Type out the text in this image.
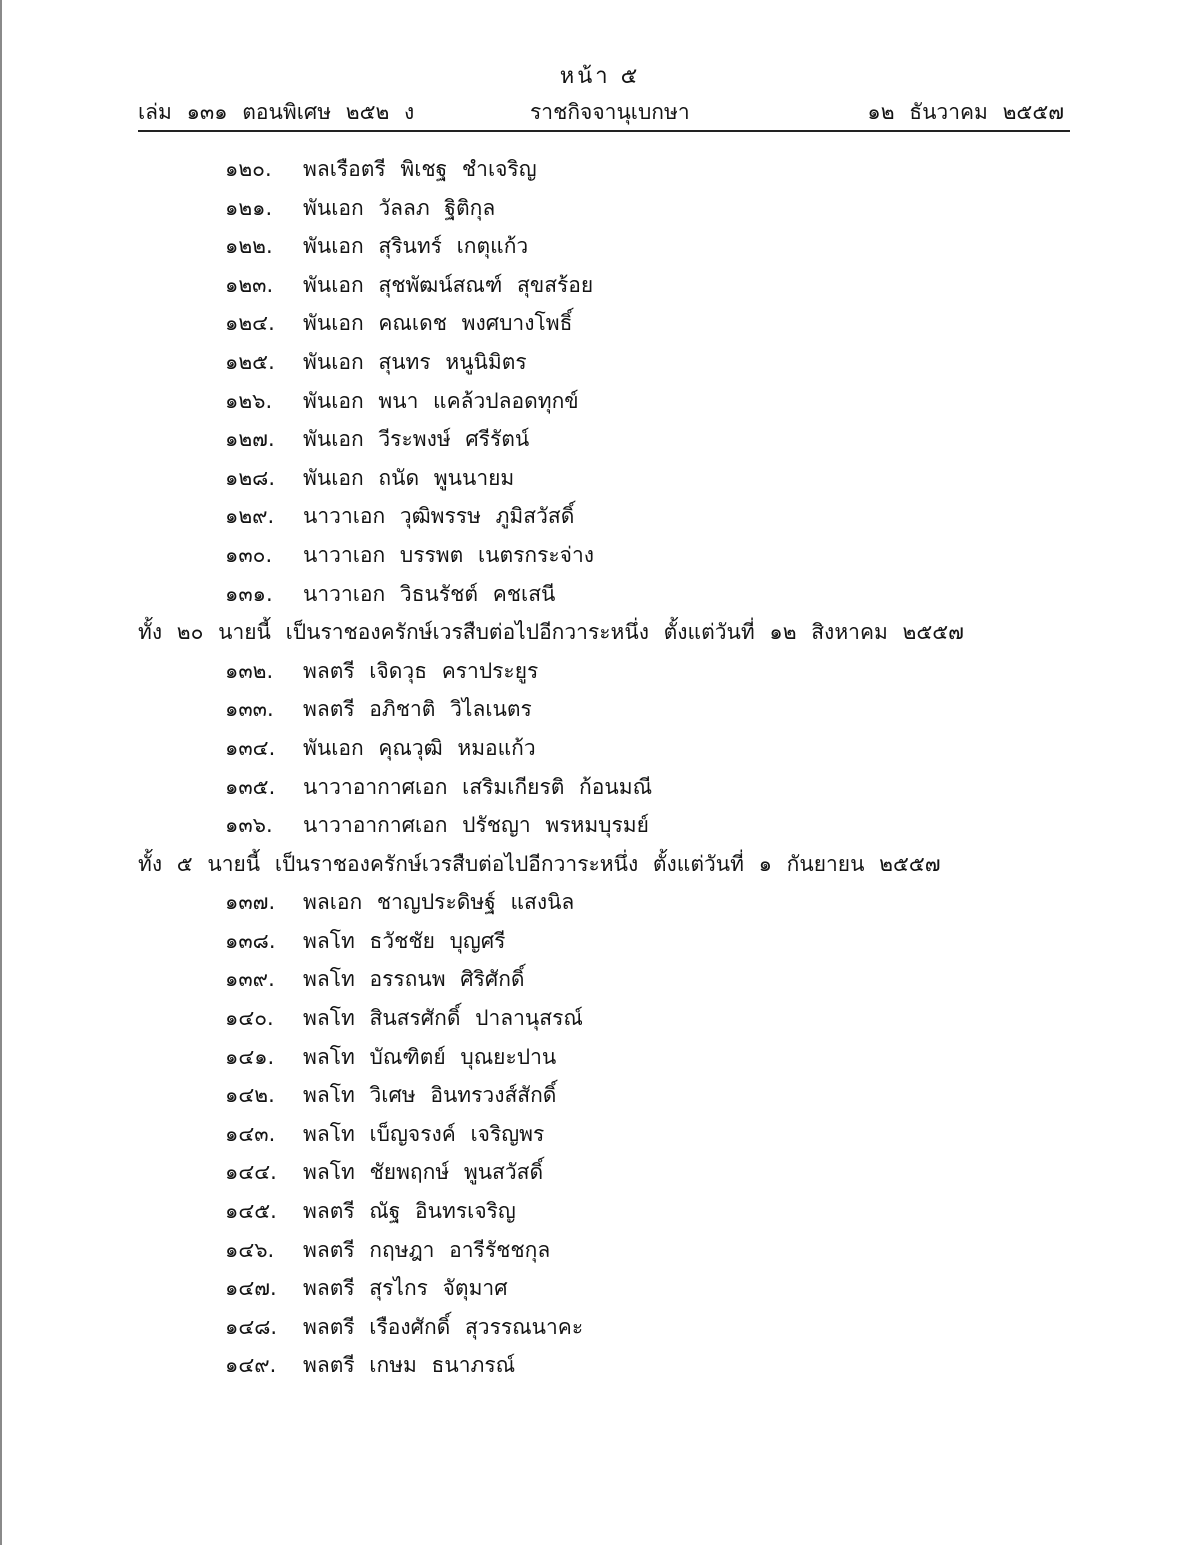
หน้า ๕
เล่ม ๑๓๑ ตอนพิเศษ ๒๕๒ ง	ราชกิจจานุเบกษา	๑๒ ธันวาคม ๒๕๕๗
๑๒๐. พลเรือตรี พิเชฐ ชำเจริญ
๑๒๑. พันเอก วัลลภ ฐิติกุล
๑๒๒. พันเอก สุรินทร์ เกตุแก้ว
๑๒๓. พันเอก สุชพัฒน์สณฑ์ สุขสร้อย
๑๒๔. พันเอก คณเดช พงศบางโพธิ์
๑๒๕. พันเอก สุนทร หนูนิมิตร
๑๒๖. พันเอก พนา แคล้วปลอดทุกข์
๑๒๗. พันเอก วีระพงษ์ ศรีรัตน์
๑๒๘. พันเอก ถนัด พูนนายม
๑๒๙. นาวาเอก วุฒิพรรษ ภูมิสวัสดิ์
๑๓๐. นาวาเอก บรรพต เนตรกระจ่าง
๑๓๑. นาวาเอก วิธนรัชต์ คชเสนี
ทั้ง ๒๐ นายนี้ เป็นราชองครักษ์เวรสืบต่อไปอีกวาระหนึ่ง ตั้งแต่วันที่ ๑๒ สิงหาคม ๒๕๕๗
๑๓๒. พลตรี เจิดวุธ คราประยูร
๑๓๓. พลตรี อภิชาติ วิไลเนตร
๑๓๔. พันเอก คุณวุฒิ หมอแก้ว
๑๓๕. นาวาอากาศเอก เสริมเกียรติ ก้อนมณี
๑๓๖. นาวาอากาศเอก ปรัชญา พรหมบุรมย์
ทั้ง ๕ นายนี้ เป็นราชองครักษ์เวรสืบต่อไปอีกวาระหนึ่ง ตั้งแต่วันที่ ๑ กันยายน ๒๕๕๗
๑๓๗. พลเอก ชาญประดิษฐ์ แสงนิล
๑๓๘. พลโท ธวัชชัย บุญศรี
๑๓๙. พลโท อรรถนพ ศิริศักดิ์
๑๔๐. พลโท สินสรศักดิ์ ปาลานุสรณ์
๑๔๑. พลโท บัณฑิตย์ บุณยะปาน
๑๔๒. พลโท วิเศษ อินทรวงส์สักดิ์
๑๔๓. พลโท เบ็ญจรงค์ เจริญพร
๑๔๔. พลโท ชัยพฤกษ์ พูนสวัสดิ์
๑๔๕. พลตรี ณัฐ อินทรเจริญ
๑๔๖. พลตรี กฤษฎา อารีรัชชกุล
๑๔๗. พลตรี สุรไกร จัตุมาศ
๑๔๘. พลตรี เรืองศักดิ์ สุวรรณนาคะ
๑๔๙. พลตรี เกษม ธนาภรณ์
